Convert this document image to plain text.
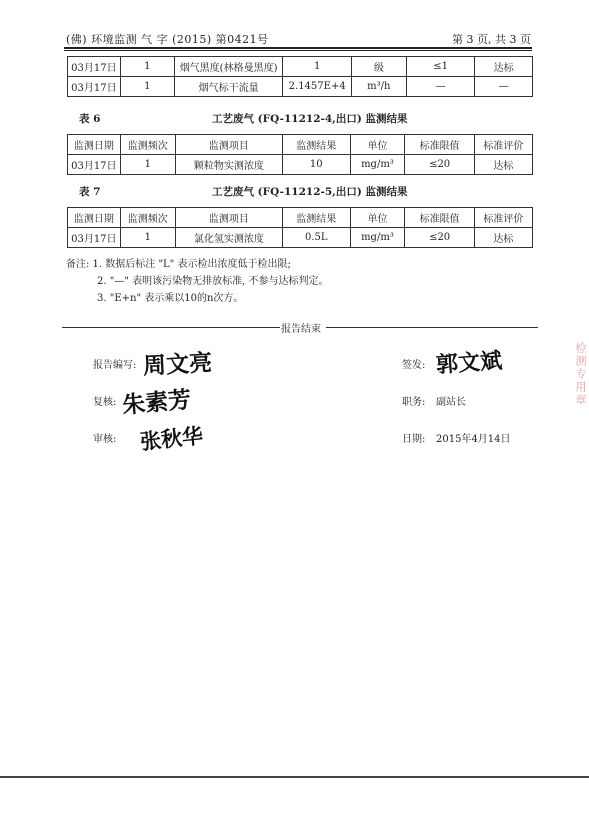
(佛) 环境监测 气 字 (2015) 第0421号	第 3 页, 共 3 页
03月17日	1	烟气黑度(林格曼黑度)	1	级	≤1	达标
03月17日	1	烟气标干流量	2.1457E+4	m³/h	—	—
表 6	工艺废气 (FQ-11212-4,出口) 监测结果
监测日期	监测频次	监测项目	监测结果	单位	标准限值	标准评价
03月17日	1	颗粒物实测浓度	10	mg/m³	≤20	达标
表 7	工艺废气 (FQ-11212-5,出口) 监测结果
监测日期	监测频次	监测项目	监测结果	单位	标准限值	标准评价
03月17日	1	氯化氢实测浓度	0.5L	mg/m³	≤20	达标
备注: 1. 数据后标注 "L" 表示检出浓度低于检出限;
2. "—" 表明该污染物无排放标准, 不参与达标判定。
3. "E+n" 表示乘以10的n次方。
报告结束
报告编写: 周文亮
复核: 朱素芳
审核: 张秋华
签发: 郭文斌
职务: 副站长
日期: 2015年4月14日
检测专用章
